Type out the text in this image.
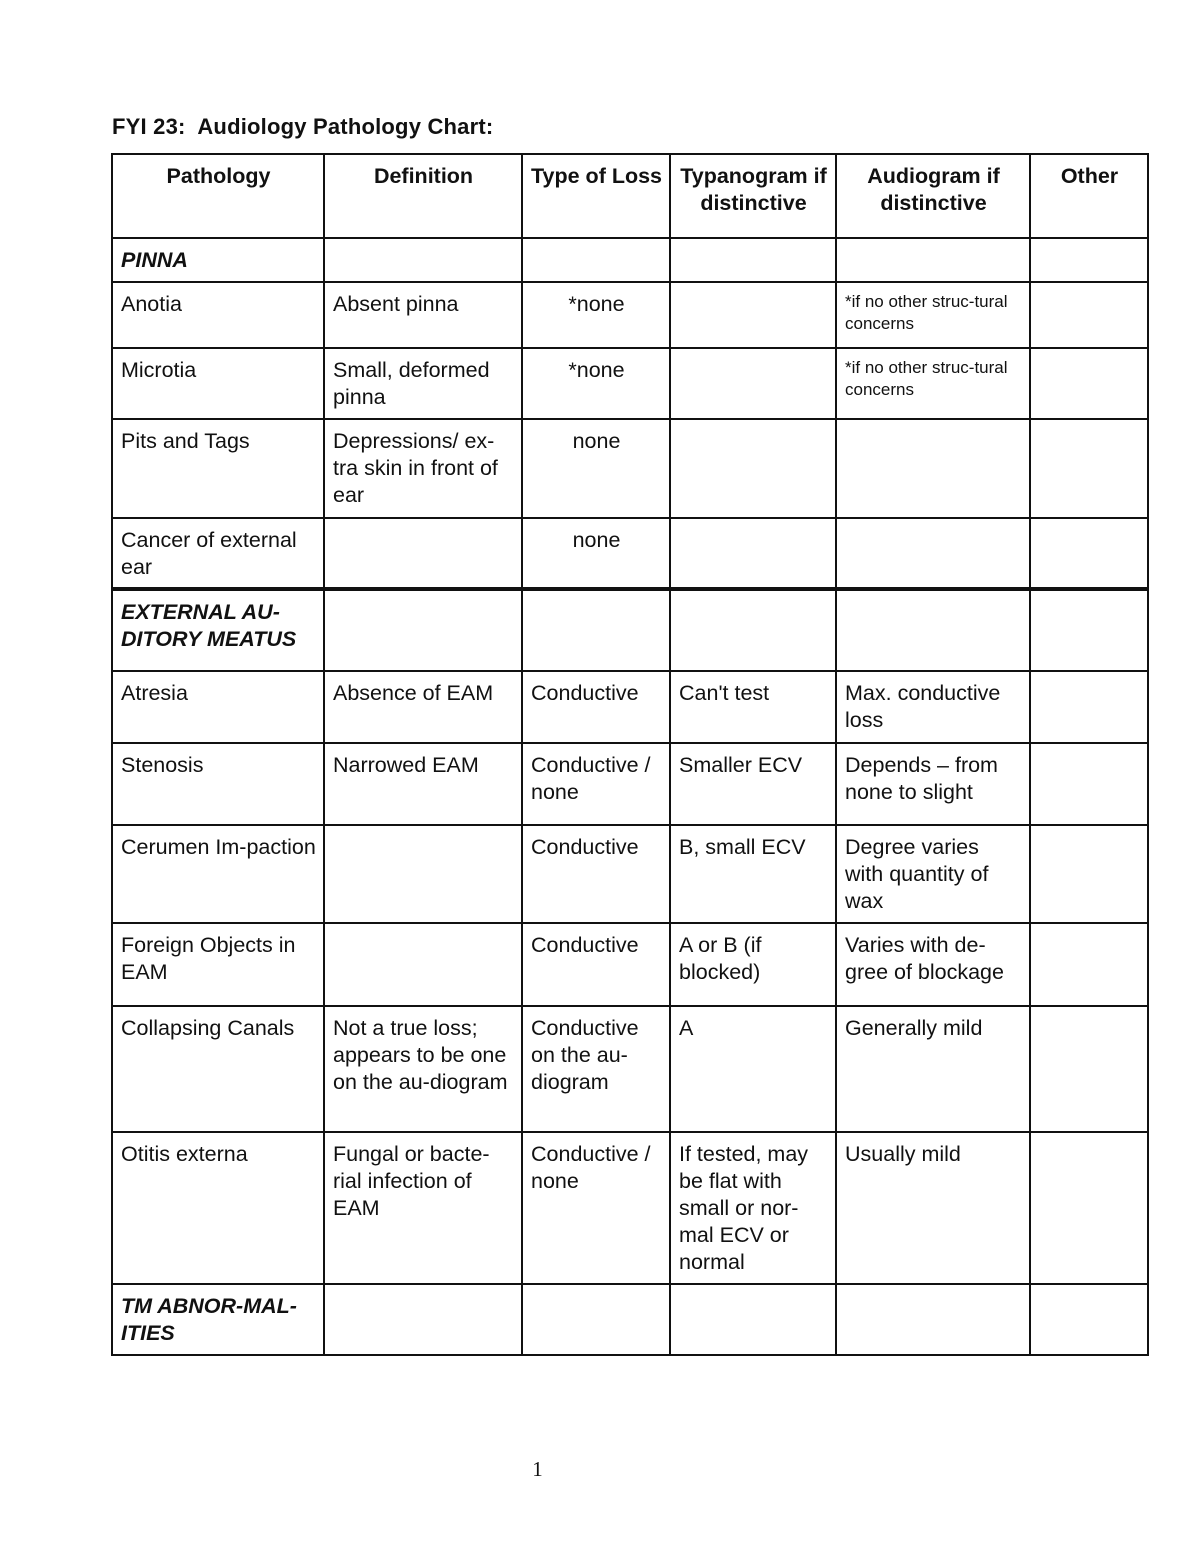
FYI 23:  Audiology Pathology Chart:
Pathology	Definition	Type of Loss	Typanogram if distinctive	Audiogram if distinctive	Other
PINNA					
Anotia	Absent pinna	*none		*if no other struc-tural concerns	
Microtia	Small, deformed pinna	*none		*if no other struc-tural concerns	
Pits and Tags	Depressions/ ex-tra skin in front of ear	none			
Cancer of external ear		none			
EXTERNAL AU-DITORY MEATUS					
Atresia	Absence of EAM	Conductive	Can't test	Max. conductive loss	
Stenosis	Narrowed EAM	Conductive / none	Smaller ECV	Depends – from none to slight	
Cerumen Im-paction		Conductive	B, small ECV	Degree varies with quantity of wax	
Foreign Objects in EAM		Conductive	A or B (if blocked)	Varies with de-gree of blockage	
Collapsing Canals	Not a true loss; appears to be one on the au-diogram	Conductive on the au-diogram	A	Generally mild	
Otitis externa	Fungal or bacte-rial infection of EAM	Conductive / none	If tested, may be flat with small or nor-mal ECV or normal	Usually mild	
TM ABNOR-MAL-ITIES					
1
